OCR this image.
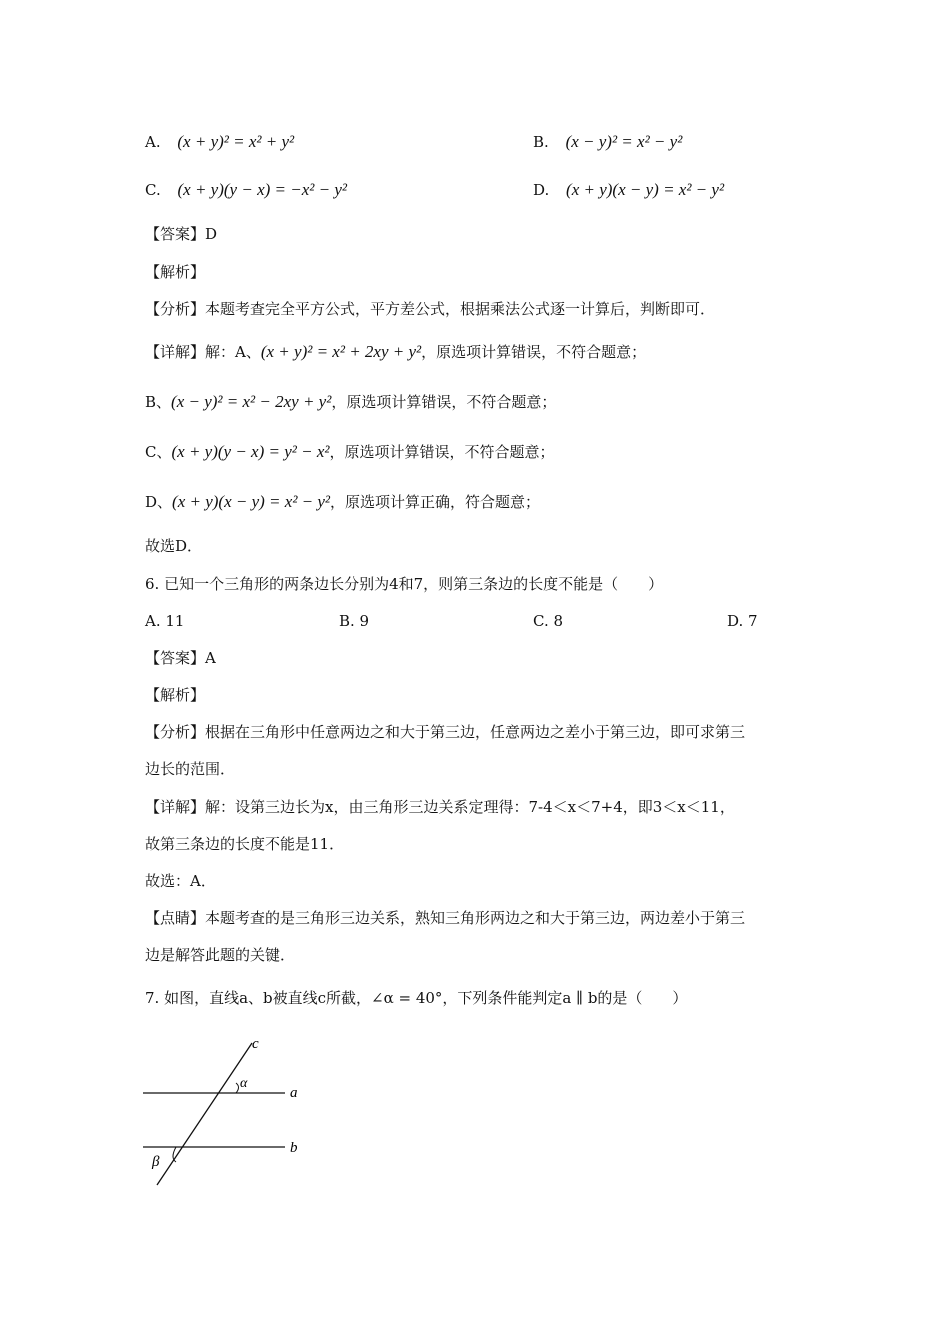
A. (x + y)² = x² + y²	B. (x − y)² = x² − y²
C. (x + y)(y − x) = −x² − y²	D. (x + y)(x − y) = x² − y²
【答案】D
【解析】
【分析】本题考查完全平方公式，平方差公式，根据乘法公式逐一计算后，判断即可．
【详解】解：A、(x + y)² = x² + 2xy + y²，原选项计算错误，不符合题意；
B、(x − y)² = x² − 2xy + y²，原选项计算错误，不符合题意；
C、(x + y)(y − x) = y² − x²，原选项计算错误，不符合题意；
D、(x + y)(x − y) = x² − y²，原选项计算正确，符合题意；
故选D．
6. 已知一个三角形的两条边长分别为4和7，则第三条边的长度不能是（　　）
A. 11	B. 9	C. 8	D. 7
【答案】A
【解析】
【分析】根据在三角形中任意两边之和大于第三边，任意两边之差小于第三边，即可求第三
边长的范围．
【详解】解：设第三边长为x，由三角形三边关系定理得：7-4＜x＜7+4，即3＜x＜11，
故第三条边的长度不能是11．
故选：A．
【点睛】本题考查的是三角形三边关系，熟知三角形两边之和大于第三边，两边差小于第三
边是解答此题的关键．
7. 如图，直线a、b被直线c所截，∠α = 40°，下列条件能判定a ∥ b的是（　　）
c
a
b
α
β
